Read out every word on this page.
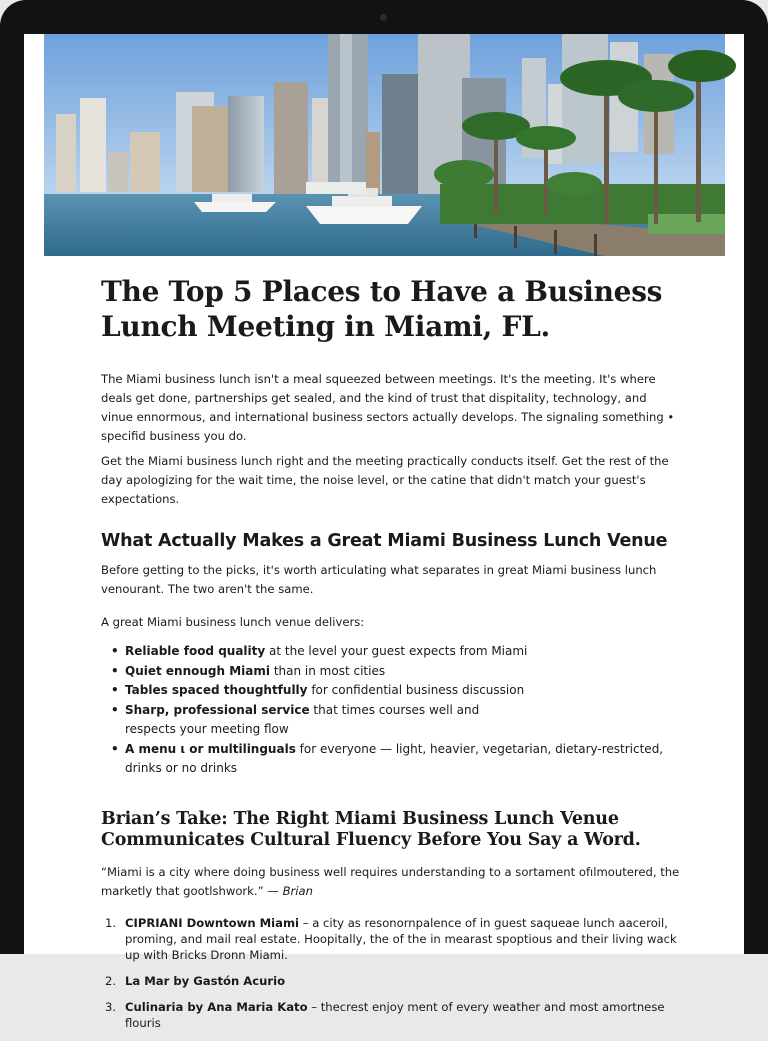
The Top 5 Places to Have a Business Lunch Meeting in Miami, FL.

The Miami business lunch isn't a meal squeezed between meetings. It's the meeting. It's where deals get done, partnerships get sealed, and the kind of trust that dispitality, technology, and vinue ennormous, and international business sectors actually develops. The signaling something • specifid business you do.

Get the Miami business lunch right and the meeting practically conducts itself. Get the rest of the day apologizing for the wait time, the noise level, or the catine that didn't match your guest's expectations.

What Actually Makes a Great Miami Business Lunch Venue

Before getting to the picks, it's worth articulating what separates in great Miami business lunch venourant. The two aren't the same.

A great Miami business lunch venue delivers:

• Reliable food quality at the level your guest expects from Miami
• Quiet ennough Miami than in most cities
• Tables spaced thoughtfully for confidential business discussion
• Sharp, professional service that times courses well and respects your meeting flow
• A menu ι or multilinguals for everyone — light, heavier, vegetarian, dietary-restricted, drinks or no drinks
Brian’s Take: The Right Miami Business Lunch Venue Communicates Cultural Fluency Before You Say a Word.

“Miami is a city where doing business well requires understanding to a sortament ofılmoutered, the marketly that gootlshwork.” — Brian

1. CIPRIANI Downtown Miami – a city as resonornpalence of in guest saqueae lunch aaceroil, proming, and mail real estate. Hoopitally, the of the in mearast spoptious and their living wack up with Bricks Dronn Miami.
2. La Mar by Gastón Acurio
3. Culinaria by Ana Maria Kato – thecrest enjoy ment of every weather and most amortnese flouris
